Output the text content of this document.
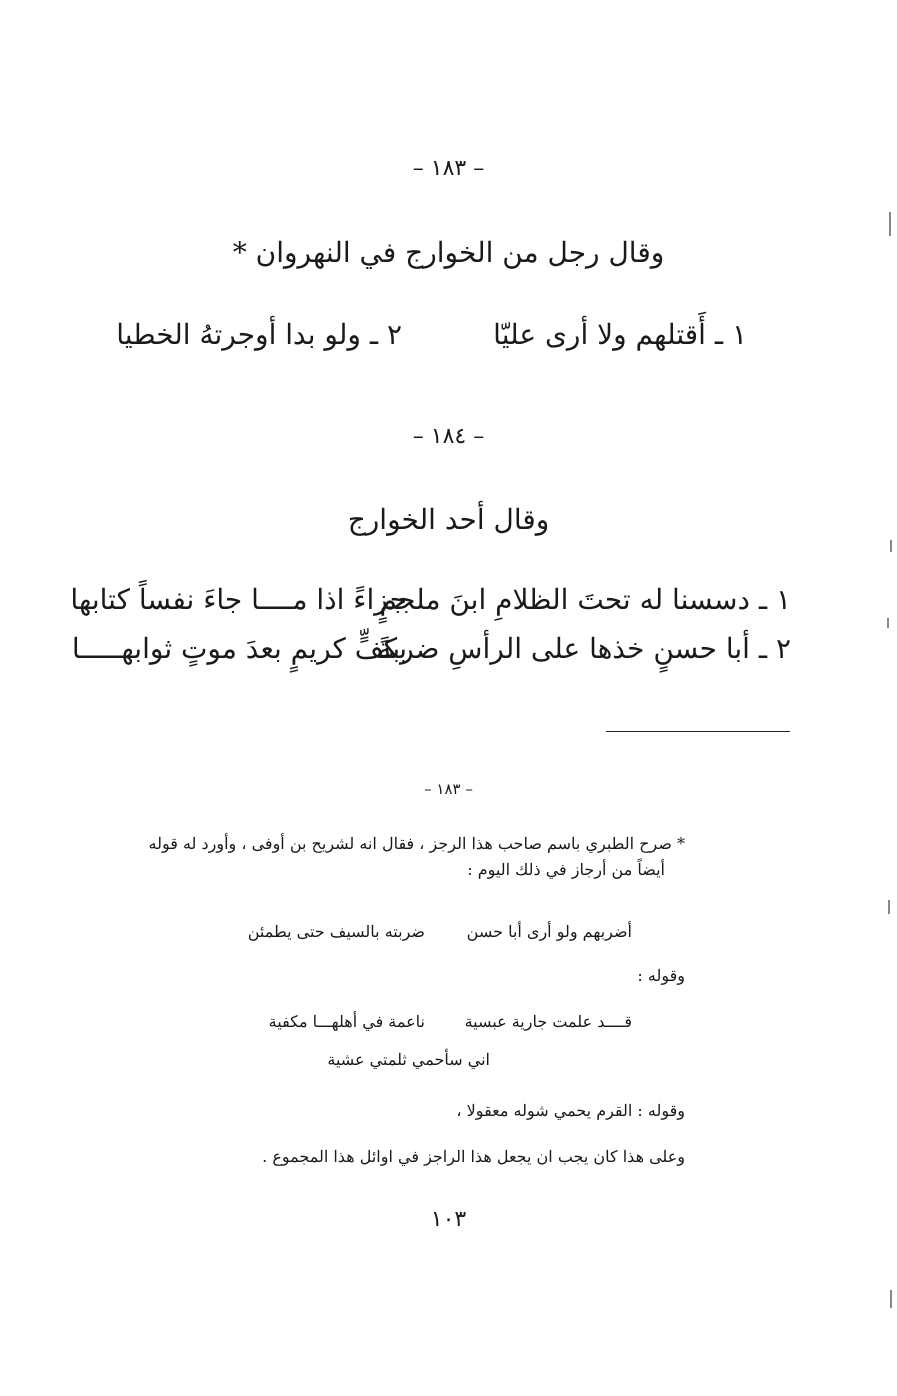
– ١٨٣ –
وقال رجل من الخوارج في النهروان *
١ ـ أَقتلهم ولا أرى عليّا
٢ ـ ولو بدا أوجرتهُ الخطيا
– ١٨٤ –
وقال أحد الخوارج
١ ـ دسسنا له تحتَ الظلامِ ابنَ ملجمٍ
جزاءً اذا مــــا جاءَ نفساً كتابها
٢ ـ أبا حسنٍ خذها على الرأسِ ضربةً
بكفٍّ كريمٍ بعدَ موتٍ ثوابهـــــا
– ١٨٣ –
* صرح الطبري باسم صاحب هذا الرجز ، فقال انه لشريح بن أوفى ، وأورد له قوله
أيضاً من أرجاز في ذلك اليوم :
أضربهم ولو أرى أبا حسن
ضربته بالسيف حتى يطمئن
وقوله :
قــــد علمت جارية عبسية
ناعمة في أهلهـــا مكفية
اني سأحمي ثلمتي عشية
وقوله : القرم يحمي شوله معقولا ،
وعلى هذا كان يجب ان يجعل هذا الراجز في اوائل هذا المجموع .
١٠٣
